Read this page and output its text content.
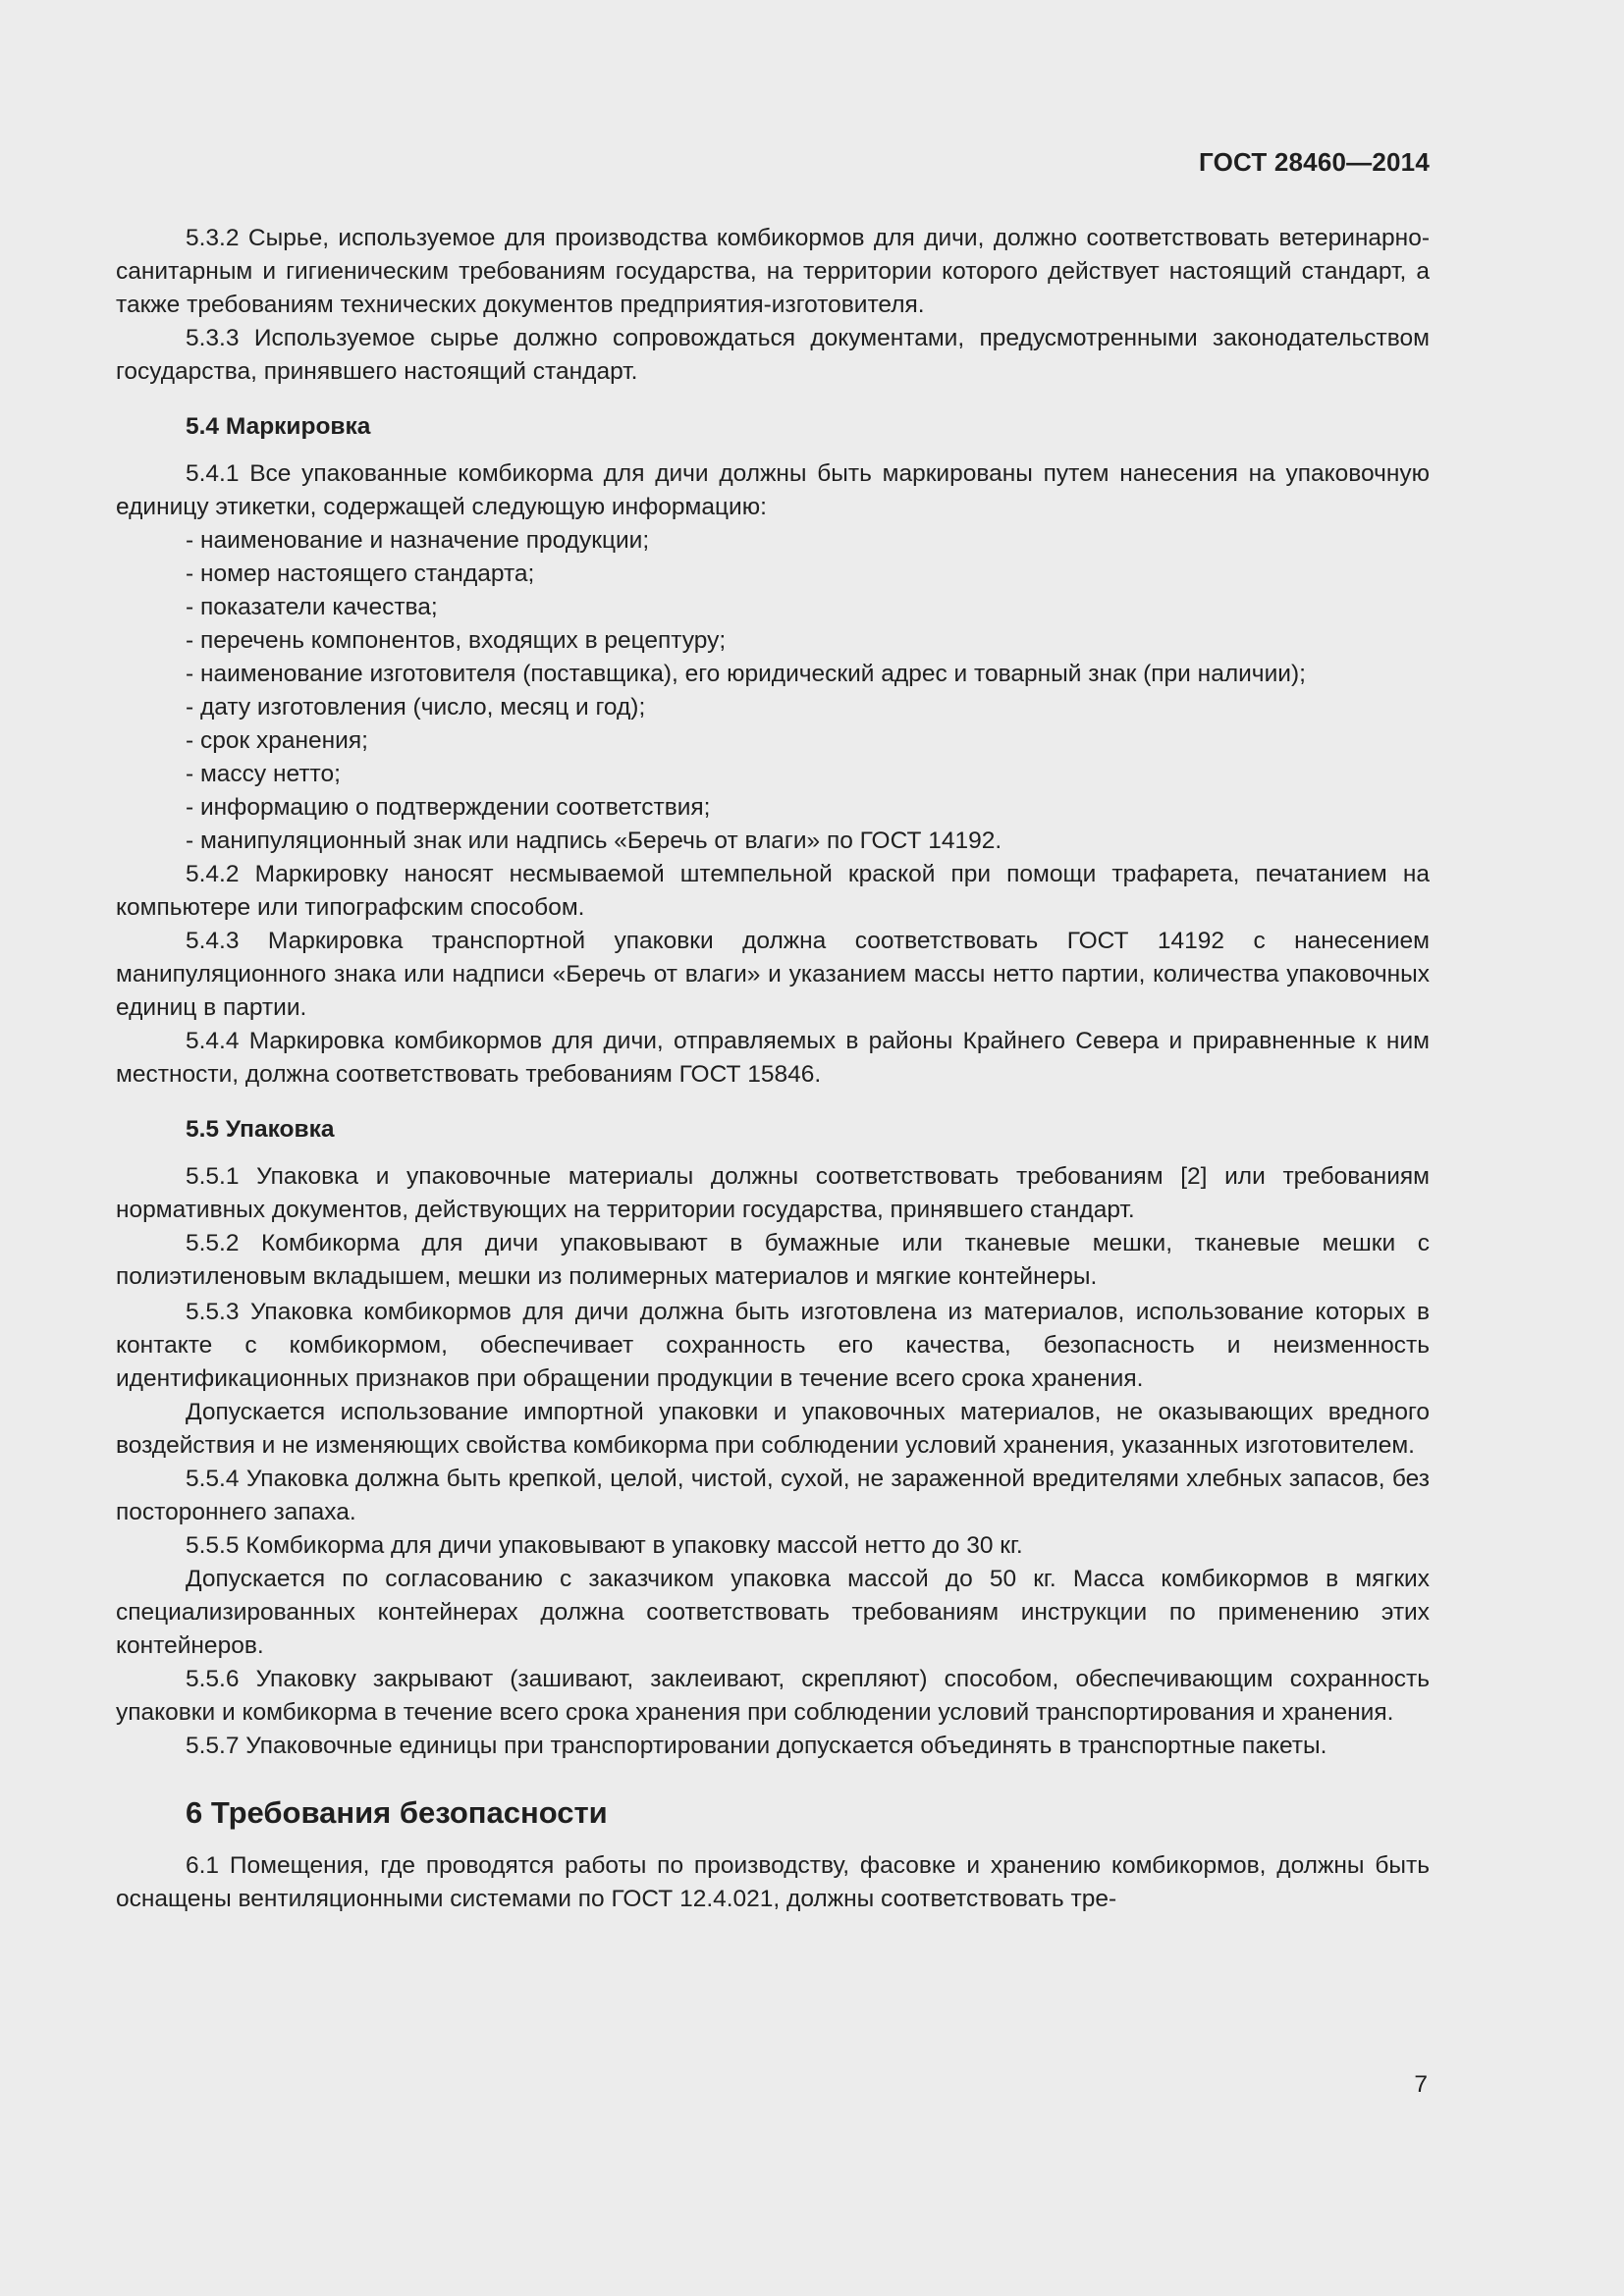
ГОСТ 28460—2014

5.3.2 Сырье, используемое для производства комбикормов для дичи, должно соответствовать ветеринарно-санитарным и гигиеническим требованиям государства, на территории которого действует настоящий стандарт, а также требованиям технических документов предприятия-изготовителя.

5.3.3 Используемое сырье должно сопровождаться документами, предусмотренными законодательством государства, принявшего настоящий стандарт.

5.4 Маркировка

5.4.1 Все упакованные комбикорма для дичи должны быть маркированы путем нанесения на упаковочную единицу этикетки, содержащей следующую информацию:

- наименование и назначение продукции;

- номер настоящего стандарта;

- показатели качества;

- перечень компонентов, входящих в рецептуру;

- наименование изготовителя (поставщика), его юридический адрес и товарный знак (при наличии);

- дату изготовления (число, месяц и год);

- срок хранения;

- массу нетто;

- информацию о подтверждении соответствия;

- манипуляционный знак или надпись «Беречь от влаги» по ГОСТ 14192.

5.4.2 Маркировку наносят несмываемой штемпельной краской при помощи трафарета, печатанием на компьютере или типографским способом.

5.4.3 Маркировка транспортной упаковки должна соответствовать ГОСТ 14192 с нанесением манипуляционного знака или надписи «Беречь от влаги» и указанием массы нетто партии, количества упаковочных единиц в партии.

5.4.4 Маркировка комбикормов для дичи, отправляемых в районы Крайнего Севера и приравненные к ним местности, должна соответствовать требованиям ГОСТ 15846.

5.5 Упаковка

5.5.1 Упаковка и упаковочные материалы должны соответствовать требованиям [2] или требованиям нормативных документов, действующих на территории государства, принявшего стандарт.

5.5.2 Комбикорма для дичи упаковывают в бумажные или тканевые мешки, тканевые мешки с полиэтиленовым вкладышем, мешки из полимерных материалов и мягкие контейнеры.

5.5.3 Упаковка комбикормов для дичи должна быть изготовлена из материалов, использование которых в контакте с комбикормом, обеспечивает сохранность его качества, безопасность и неизменность идентификационных признаков при обращении продукции в течение всего срока хранения.

Допускается использование импортной упаковки и упаковочных материалов, не оказывающих вредного воздействия и не изменяющих свойства комбикорма при соблюдении условий хранения, указанных изготовителем.

5.5.4 Упаковка должна быть крепкой, целой, чистой, сухой, не зараженной вредителями хлебных запасов, без постороннего запаха.

5.5.5 Комбикорма для дичи упаковывают в упаковку массой нетто до 30 кг.

Допускается по согласованию с заказчиком упаковка массой до 50 кг. Масса комбикормов в мягких специализированных контейнерах должна соответствовать требованиям инструкции по применению этих контейнеров.

5.5.6 Упаковку закрывают (зашивают, заклеивают, скрепляют) способом, обеспечивающим сохранность упаковки и комбикорма в течение всего срока хранения при соблюдении условий транспортирования и хранения.

5.5.7 Упаковочные единицы при транспортировании допускается объединять в транспортные пакеты.

6 Требования безопасности

6.1 Помещения, где проводятся работы по производству, фасовке и хранению комбикормов, должны быть оснащены вентиляционными системами по ГОСТ 12.4.021, должны соответствовать тре-

7
